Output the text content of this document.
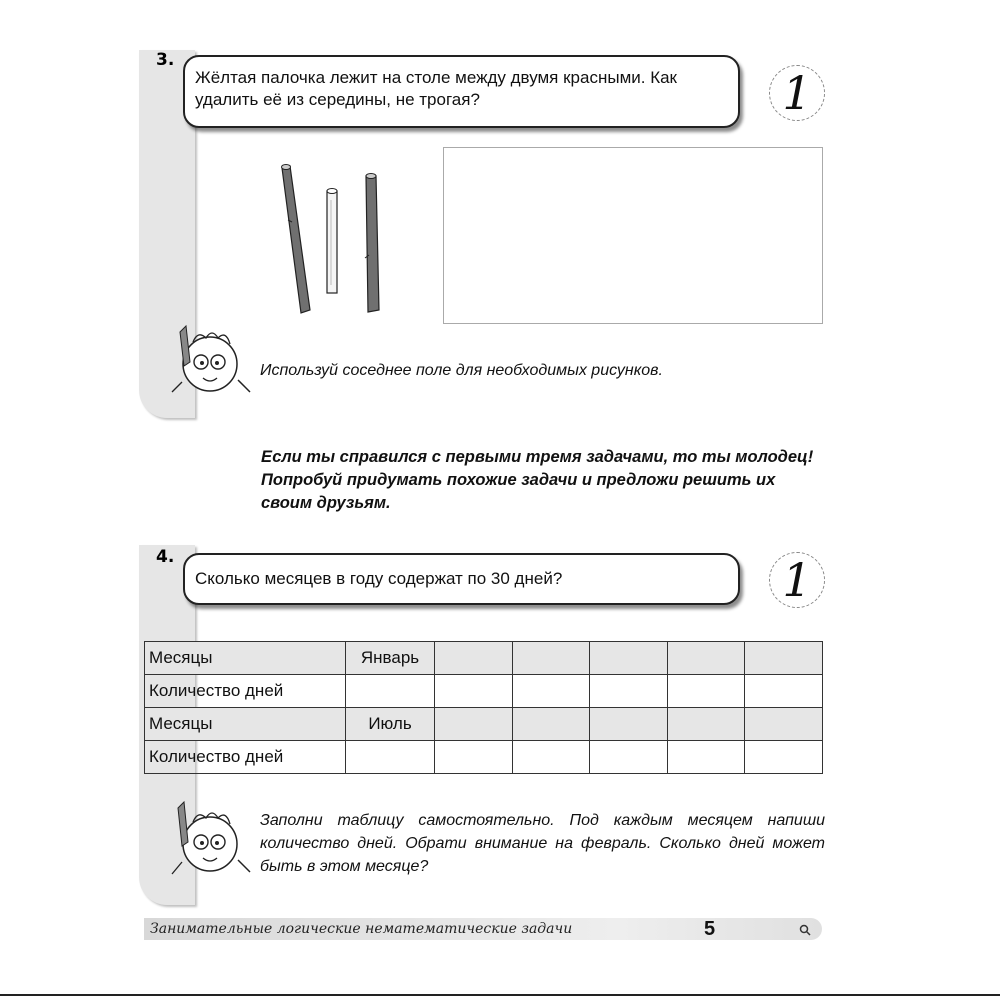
3.
Жёлтая палочка лежит на столе между двумя красными. Как удалить её из середины, не трогая?	1
Используй соседнее поле для необходимых рисунков.
Если ты справился с первыми тремя задачами, то ты молодец! Попробуй придумать похожие задачи и предложи решить их своим друзьям.
4.
Сколько месяцев в году содержат по 30 дней?	1
Месяцы	Январь					
Количество дней						
Месяцы	Июль					
Количество дней						
Заполни таблицу самостоятельно. Под каждым месяцем напиши количество дней. Обрати внимание на февраль. Сколько дней может быть в этом месяце?
Занимательные логические нематематические задачи	5
